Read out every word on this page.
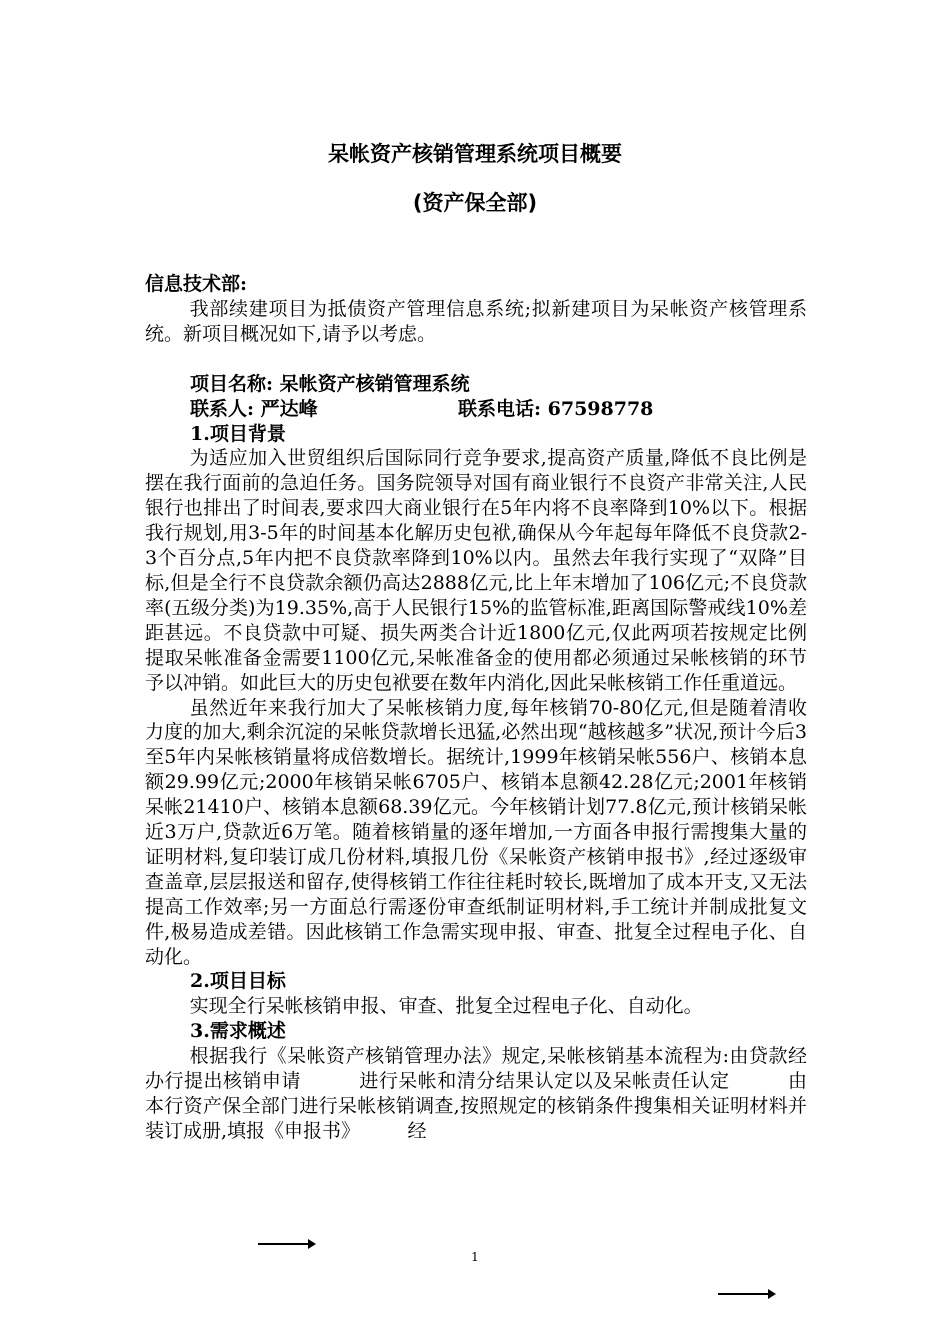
呆帐资产核销管理系统项目概要
(资产保全部)

信息技术部:

我部续建项目为抵债资产管理信息系统;拟新建项目为呆帐资产核管理系统。新项目概况如下,请予以考虑。

项目名称: 呆帐资产核销管理系统

联系人: 严达峰	联系电话: 67598778

1.项目背景

为适应加入世贸组织后国际同行竞争要求,提高资产质量,降低不良比例是摆在我行面前的急迫任务。国务院领导对国有商业银行不良资产非常关注,人民银行也排出了时间表,要求四大商业银行在5年内将不良率降到10%以下。根据我行规划,用3-5年的时间基本化解历史包袱,确保从今年起每年降低不良贷款2-3个百分点,5年内把不良贷款率降到10%以内。虽然去年我行实现了“双降”目标,但是全行不良贷款余额仍高达2888亿元,比上年末增加了106亿元;不良贷款率(五级分类)为19.35%,高于人民银行15%的监管标准,距离国际警戒线10%差距甚远。不良贷款中可疑、损失两类合计近1800亿元,仅此两项若按规定比例提取呆帐准备金需要1100亿元,呆帐准备金的使用都必须通过呆帐核销的环节予以冲销。如此巨大的历史包袱要在数年内消化,因此呆帐核销工作任重道远。

虽然近年来我行加大了呆帐核销力度,每年核销70-80亿元,但是随着清收力度的加大,剩余沉淀的呆帐贷款增长迅猛,必然出现“越核越多”状况,预计今后3至5年内呆帐核销量将成倍数增长。据统计,1999年核销呆帐556户、核销本息额29.99亿元;2000年核销呆帐6705户、核销本息额42.28亿元;2001年核销呆帐21410户、核销本息额68.39亿元。今年核销计划77.8亿元,预计核销呆帐近3万户,贷款近6万笔。随着核销量的逐年增加,一方面各申报行需搜集大量的证明材料,复印装订成几份材料,填报几份《呆帐资产核销申报书》,经过逐级审查盖章,层层报送和留存,使得核销工作往往耗时较长,既增加了成本开支,又无法提高工作效率;另一方面总行需逐份审查纸制证明材料,手工统计并制成批复文件,极易造成差错。因此核销工作急需实现申报、审查、批复全过程电子化、自动化。

2.项目目标

实现全行呆帐核销申报、审查、批复全过程电子化、自动化。

3.需求概述

根据我行《呆帐资产核销管理办法》规定,呆帐核销基本流程为:由贷款经办行提出核销申请　　　进行呆帐和清分结果认定以及呆帐责任认定　　　由本行资产保全部门进行呆帐核销调查,按照规定的核销条件搜集相关证明材料并装订成册,填报《申报书》　　　经

1
